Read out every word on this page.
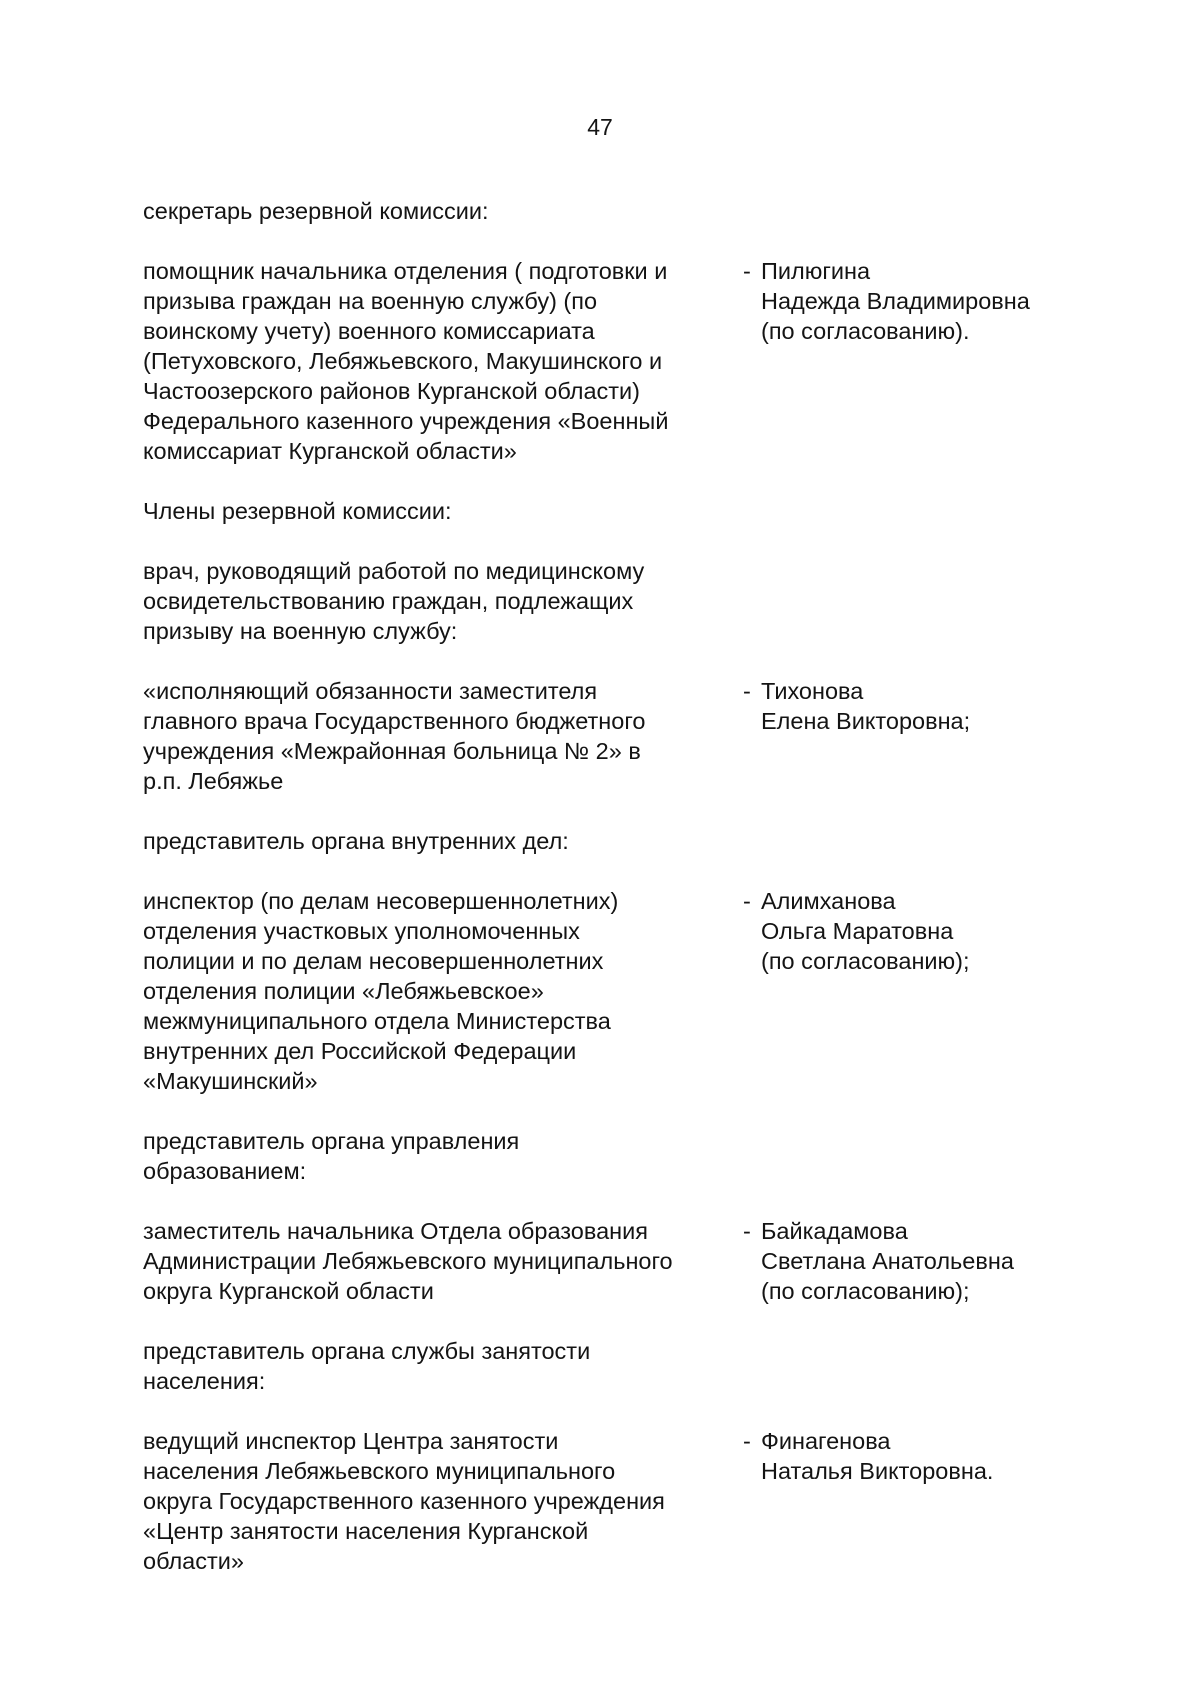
47
секретарь резервной комиссии:
помощник начальника отделения ( подготовки и
призыва граждан на военную службу) (по
воинскому учету) военного комиссариата
(Петуховского, Лебяжьевского, Макушинского и
Частоозерского районов Курганской области)
Федерального казенного учреждения «Военный
комиссариат Курганской области»
- Пилюгина
Надежда Владимировна
(по согласованию).
Члены резервной комиссии:
врач, руководящий работой по медицинскому
освидетельствованию граждан, подлежащих
призыву на военную службу:
«исполняющий обязанности заместителя
главного врача Государственного бюджетного
учреждения «Межрайонная больница № 2» в
р.п. Лебяжье
- Тихонова
Елена Викторовна;
представитель органа внутренних дел:
инспектор (по делам несовершеннолетних)
отделения участковых уполномоченных
полиции и по делам несовершеннолетних
отделения полиции «Лебяжьевское»
межмуниципального отдела Министерства
внутренних дел Российской Федерации
«Макушинский»
- Алимханова
Ольга Маратовна
(по согласованию);
представитель органа управления
образованием:
заместитель начальника Отдела образования
Администрации Лебяжьевского муниципального
округа Курганской области
- Байкадамова
Светлана Анатольевна
(по согласованию);
представитель органа службы занятости
населения:
ведущий инспектор Центра занятости
населения Лебяжьевского муниципального
округа Государственного казенного учреждения
«Центр занятости населения Курганской
области»
- Финагенова
Наталья Викторовна.
